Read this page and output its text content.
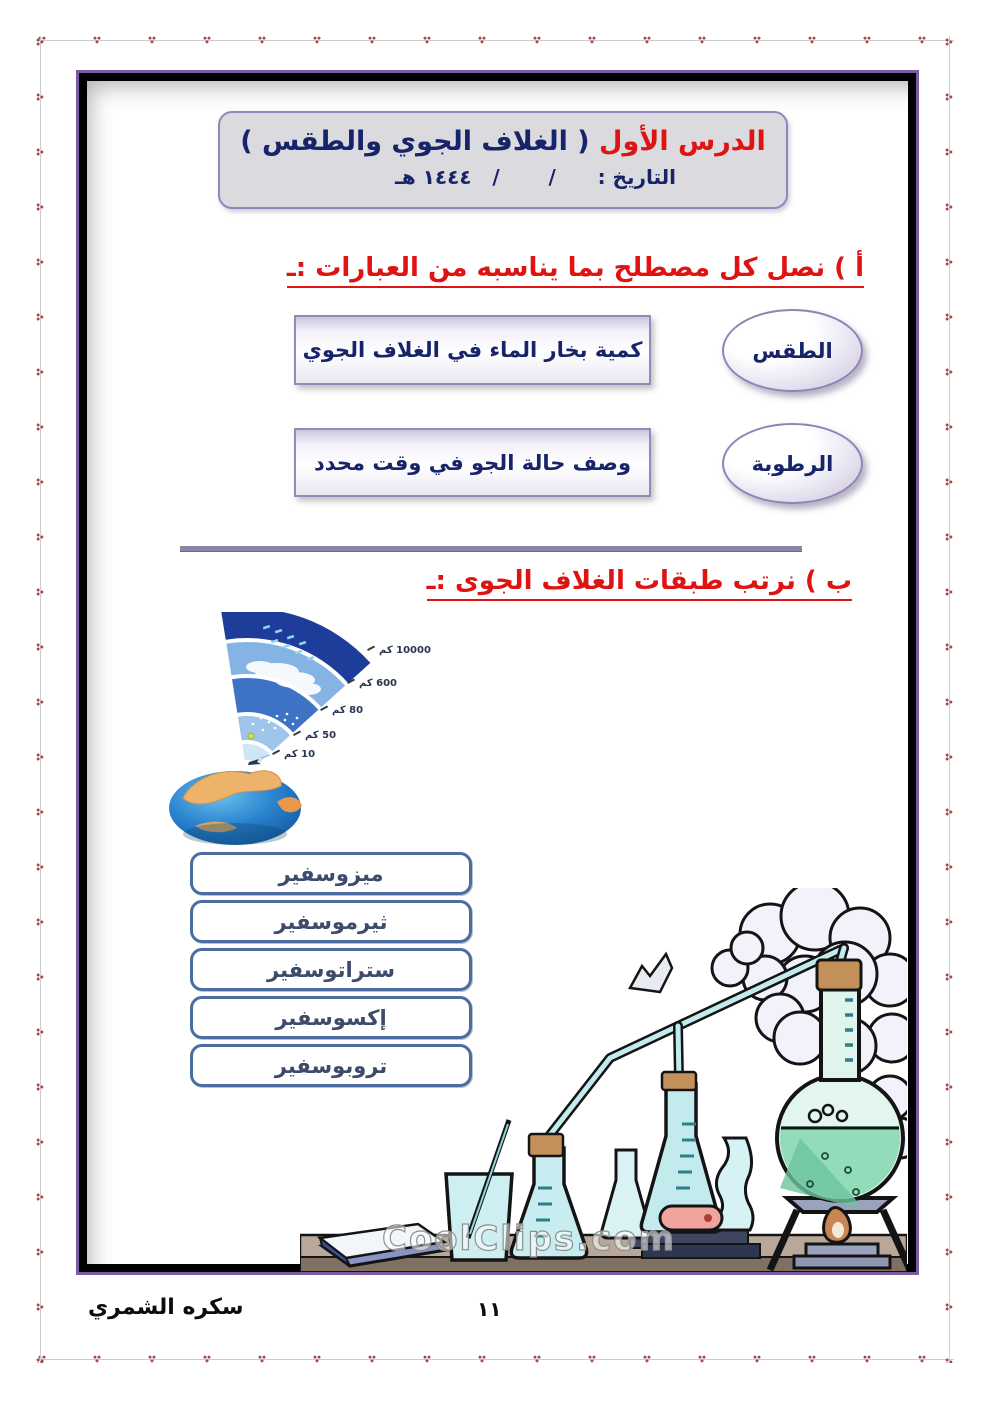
الدرس الأول ( الغلاف الجوي والطقس )
التاريخ :      /       /   ١٤٤٤ هـ
أ ) نصل كل مصطلح بما يناسبه من العبارات :ـ
كمية بخار الماء في الغلاف الجوي	الطقس
وصف حالة الجو في وقت محدد	الرطوبة
ب ) نرتب طبقات الغلاف الجوى :ـ
10 كم
50 كم
80 كم
600 كم
10000 كم
ميزوسفير
ثيرموسفير
ستراتوسفير
إكسوسفير
تروبوسفير
CoolClips.com
سكره الشمري	١١
